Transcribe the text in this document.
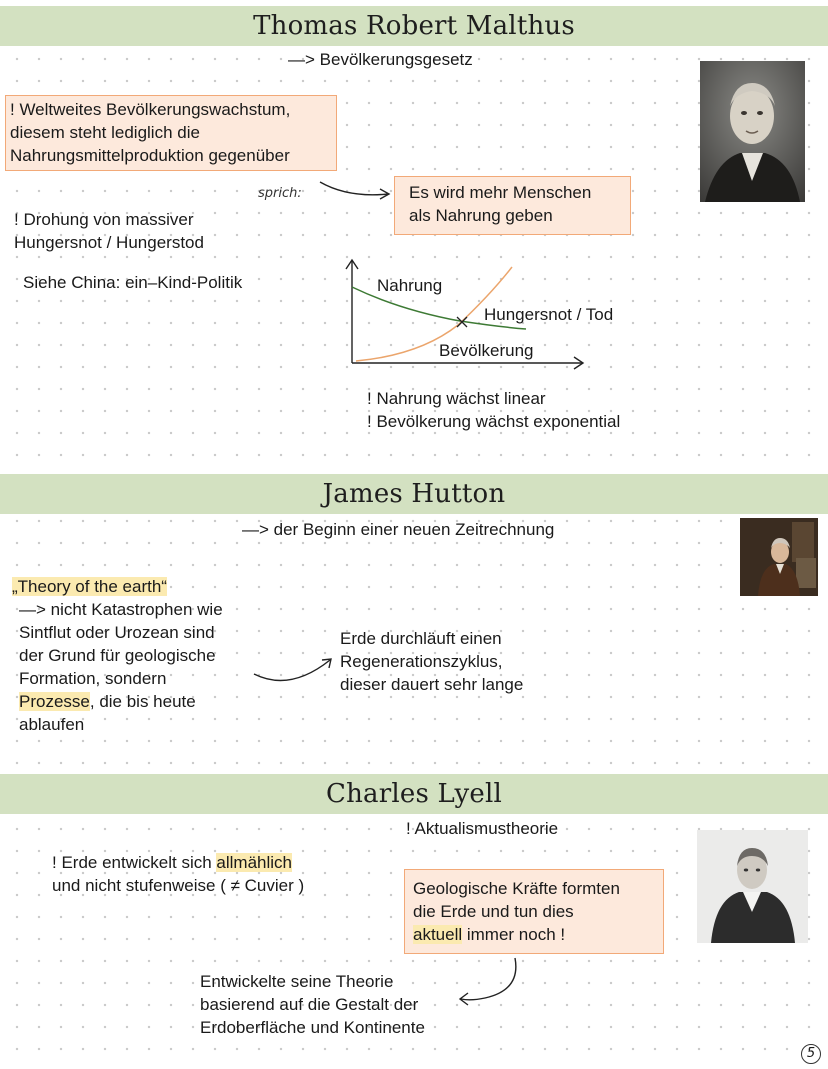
Thomas Robert Malthus
—> Bevölkerungsgesetz
! Weltweites Bevölkerungswachstum,
diesem steht lediglich die
Nahrungsmittelproduktion gegenüber
sprich:	Es wird mehr Menschen
als Nahrung geben
! Drohung von massiver
Hungersnot / Hungerstod
Siehe China: ein–Kind-Politik	Nahrung
Hungersnot / Tod
Bevölkerung
! Nahrung wächst linear
! Bevölkerung wächst exponential
James Hutton
—> der Beginn einer neuen Zeitrechnung
„Theory of the earth“
—> nicht Katastrophen wie
Sintflut oder Urozean sind
der Grund für geologische
Formation, sondern
Prozesse, die bis heute
ablaufen
Erde durchläuft einen
Regenerationszyklus,
dieser dauert sehr lange
Charles Lyell
! Aktualismustheorie
! Erde entwickelt sich allmählich
und nicht stufenweise ( ≠ Cuvier )	Geologische Kräfte formten
die Erde und tun dies
aktuell immer noch !
Entwickelte seine Theorie
basierend auf die Gestalt der
Erdoberfläche und Kontinente
5
